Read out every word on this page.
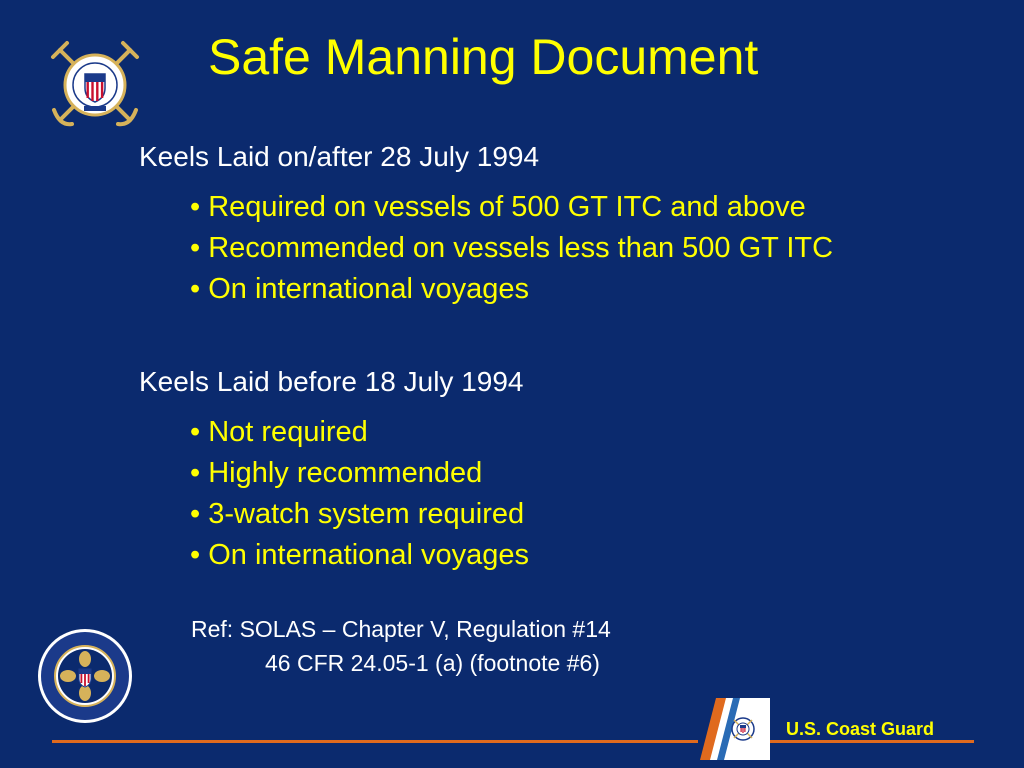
Safe Manning Document

Keels Laid on/after 28 July 1994

• Required on vessels of 500 GT ITC and above
• Recommended on vessels less than 500 GT ITC
• On international voyages

Keels Laid before 18 July 1994

• Not required
• Highly recommended
• 3-watch system required
• On international voyages

Ref: SOLAS – Chapter V, Regulation #14
46 CFR 24.05-1 (a) (footnote #6)

U.S. Coast Guard
